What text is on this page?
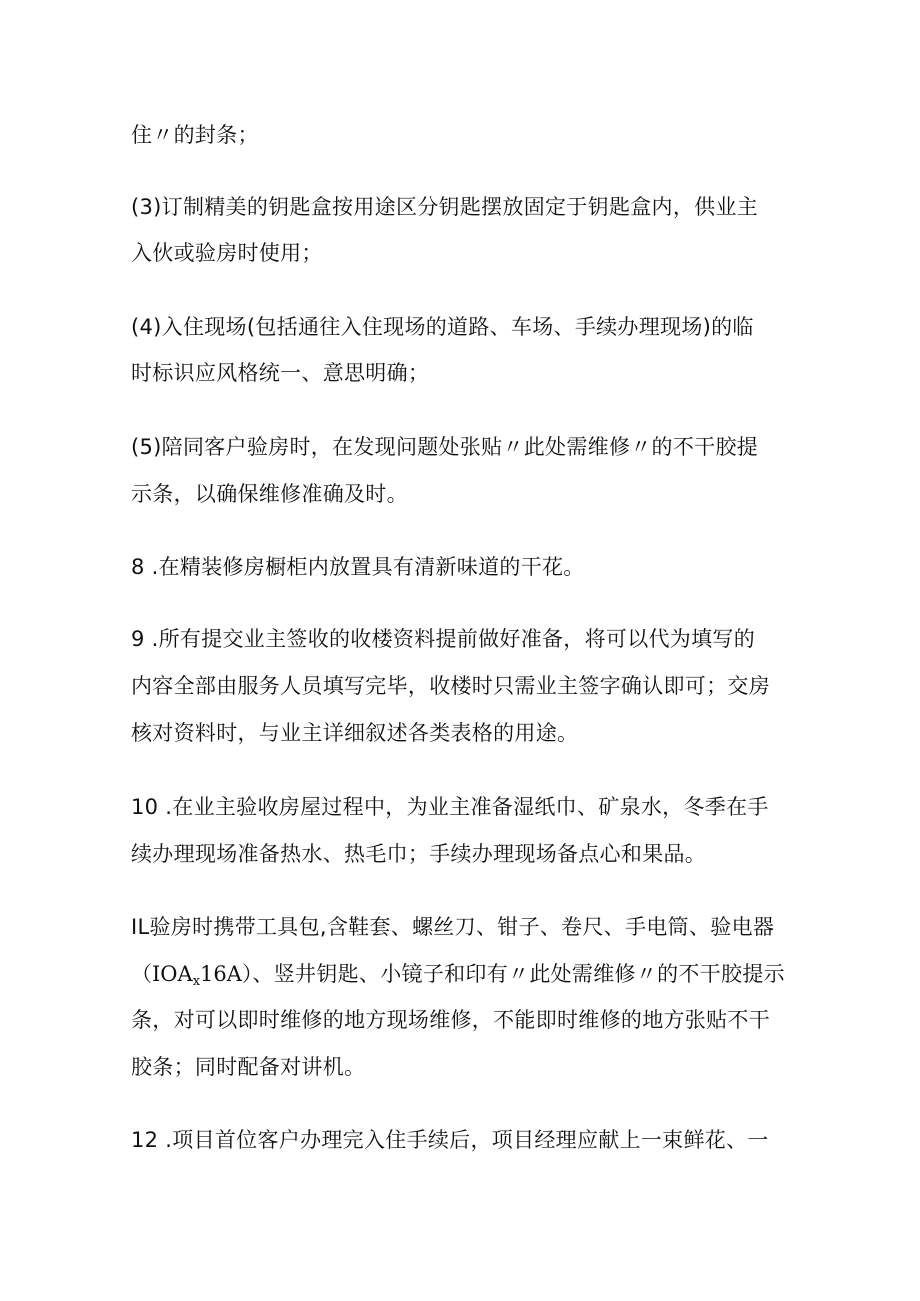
住〃的封条；

(3)订制精美的钥匙盒按用途区分钥匙摆放固定于钥匙盒内，供业主

入伙或验房时使用；

(4)入住现场(包括通往入住现场的道路、车场、手续办理现场)的临

时标识应风格统一、意思明确；

(5)陪同客户验房时，在发现问题处张贴〃此处需维修〃的不干胶提

示条，以确保维修准确及时。

8 .在精装修房橱柜内放置具有清新味道的干花。

9 .所有提交业主签收的收楼资料提前做好准备，将可以代为填写的

内容全部由服务人员填写完毕，收楼时只需业主签字确认即可；交房

核对资料时，与业主详细叙述各类表格的用途。

10 .在业主验收房屋过程中，为业主准备湿纸巾、矿泉水，冬季在手

续办理现场准备热水、热毛巾；手续办理现场备点心和果品。

IL验房时携带工具包,含鞋套、螺丝刀、钳子、卷尺、手电筒、验电器

$(IOA_x16A)$、竖井钥匙、小镜子和印有〃此处需维修〃的不干胶提示

条，对可以即时维修的地方现场维修，不能即时维修的地方张贴不干

胶条；同时配备对讲机。

12 .项目首位客户办理完入住手续后，项目经理应献上一束鲜花、一
